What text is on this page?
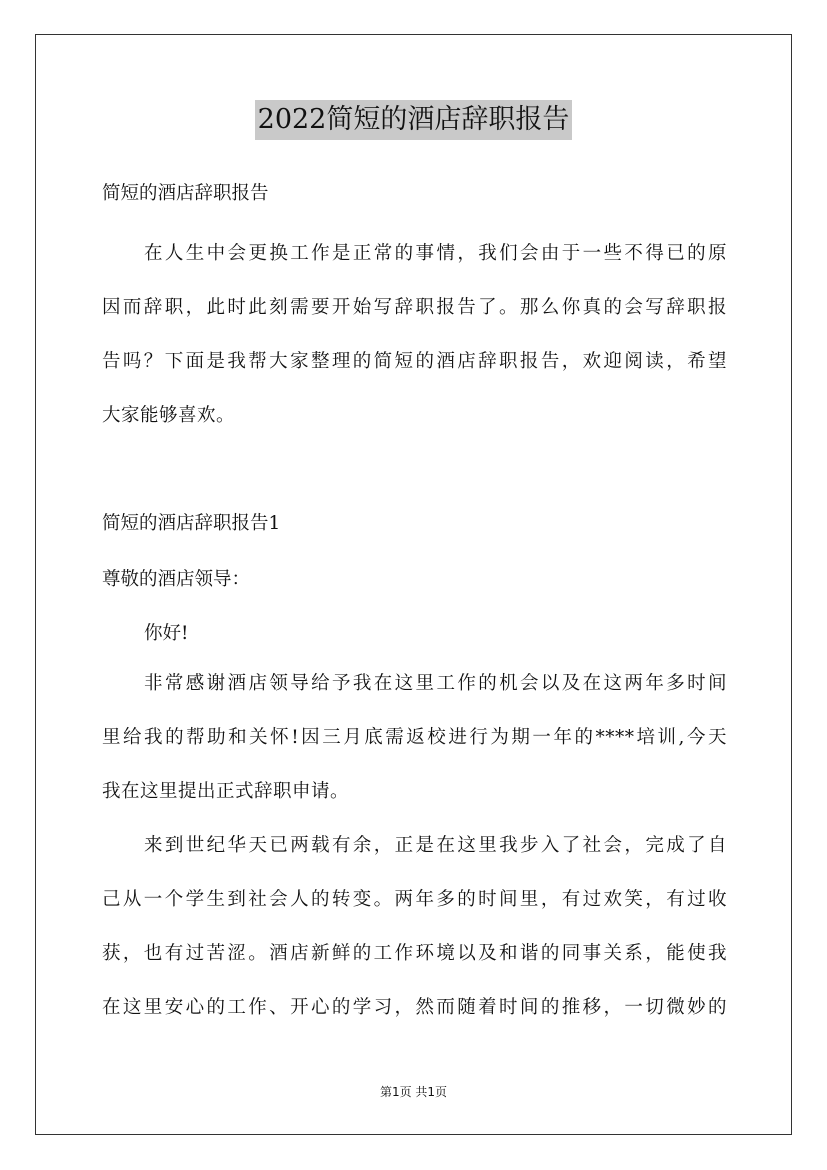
2022简短的酒店辞职报告
简短的酒店辞职报告
在人生中会更换工作是正常的事情，我们会由于一些不得已的原
因而辞职，此时此刻需要开始写辞职报告了。那么你真的会写辞职报
告吗？下面是我帮大家整理的简短的酒店辞职报告，欢迎阅读，希望
大家能够喜欢。
简短的酒店辞职报告1
尊敬的酒店领导：
你好!
非常感谢酒店领导给予我在这里工作的机会以及在这两年多时间
里给我的帮助和关怀!因三月底需返校进行为期一年的****培训,今天
我在这里提出正式辞职申请。
来到世纪华天已两载有余，正是在这里我步入了社会，完成了自
己从一个学生到社会人的转变。两年多的时间里，有过欢笑，有过收
获，也有过苦涩。酒店新鲜的工作环境以及和谐的同事关系，能使我
在这里安心的工作、开心的学习，然而随着时间的推移，一切微妙的
第1页 共1页
